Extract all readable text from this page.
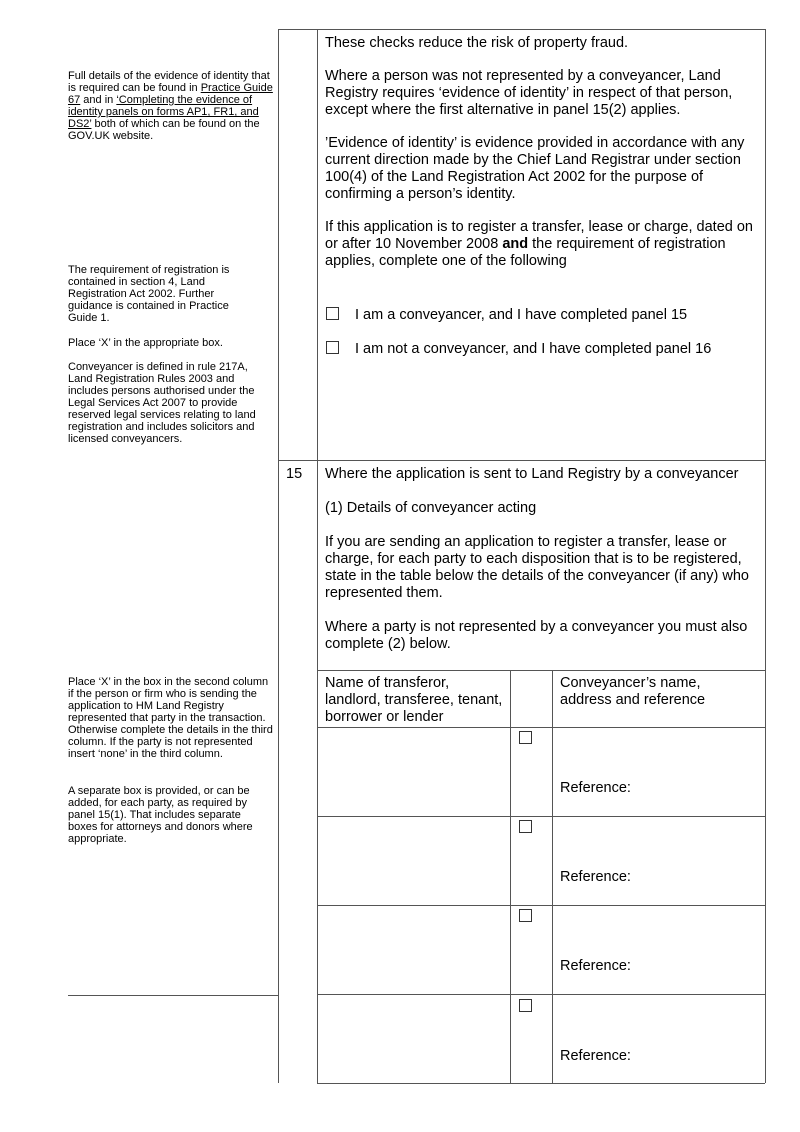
Full details of the evidence of identity that is required can be found in Practice Guide 67 and in ‘Completing the evidence of identity panels on forms AP1, FR1, and DS2’ both of which can be found on the GOV.UK website.
The requirement of registration is contained in section 4, Land Registration Act 2002. Further guidance is contained in Practice Guide 1.
Place ‘X’ in the appropriate box.
Conveyancer is defined in rule 217A, Land Registration Rules 2003 and includes persons authorised under the Legal Services Act 2007 to provide reserved legal services relating to land registration and includes solicitors and licensed conveyancers.
Place ‘X’ in the box in the second column if the person or firm who is sending the application to HM Land Registry represented that party in the transaction. Otherwise complete the details in the third column. If the party is not represented insert ‘none’ in the third column.
A separate box is provided, or can be added, for each party, as required by panel 15(1). That includes separate boxes for attorneys and donors where appropriate.

These checks reduce the risk of property fraud.

Where a person was not represented by a conveyancer, Land Registry requires ‘evidence of identity’ in respect of that person, except where the first alternative in panel 15(2) applies.

’Evidence of identity’ is evidence provided in accordance with any current direction made by the Chief Land Registrar under section 100(4) of the Land Registration Act 2002 for the purpose of confirming a person’s identity.

If this application is to register a transfer, lease or charge, dated on or after 10 November 2008 and the requirement of registration applies, complete one of the following

I am a conveyancer, and I have completed panel 15
I am not a conveyancer, and I have completed panel 16
15 Where the application is sent to Land Registry by a conveyancer

(1) Details of conveyancer acting

If you are sending an application to register a transfer, lease or charge, for each party to each disposition that is to be registered, state in the table below the details of the conveyancer (if any) who represented them.

Where a party is not represented by a conveyancer you must also complete (2) below.

Name of transferor, landlord, transferee, tenant, borrower or lender
Conveyancer’s name, address and reference
Reference:
Reference:
Reference:
Reference:
